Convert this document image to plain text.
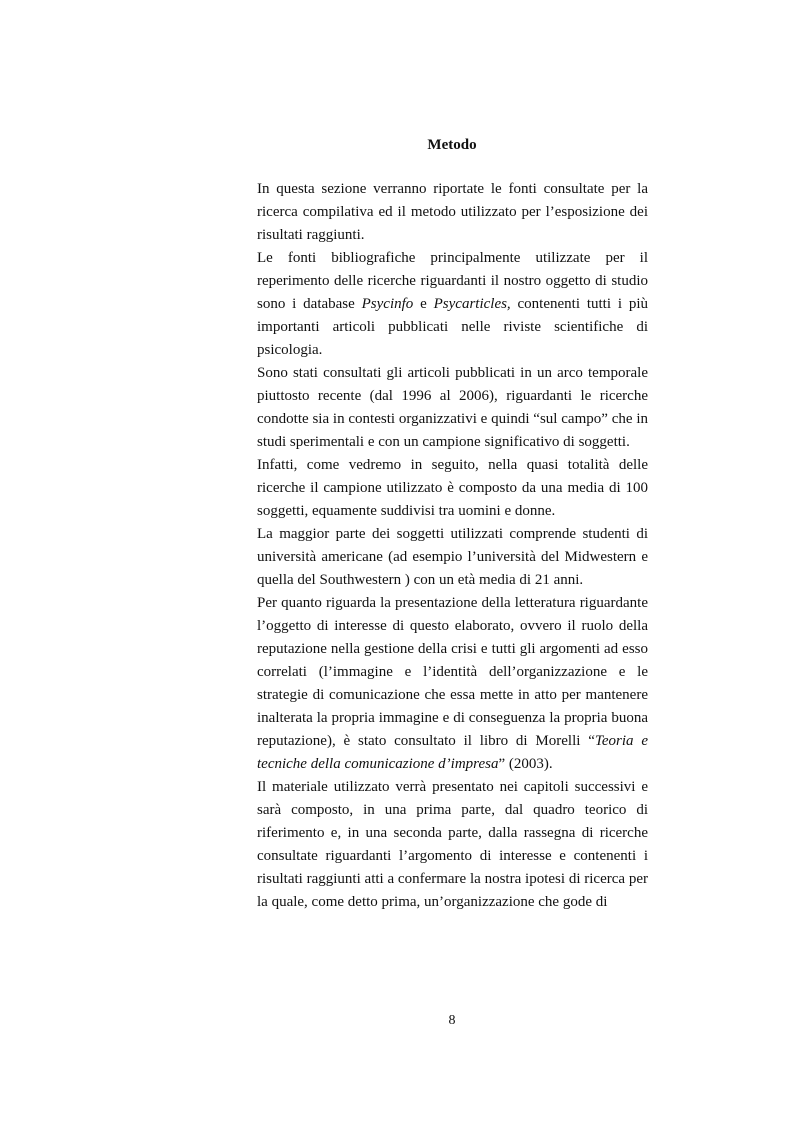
Metodo

In questa sezione verranno riportate le fonti consultate per la ricerca compilativa ed il metodo utilizzato per l’esposizione dei risultati raggiunti.

Le fonti bibliografiche principalmente utilizzate per il reperimento delle ricerche riguardanti il nostro oggetto di studio sono i database Psycinfo e Psycarticles, contenenti tutti i più importanti articoli pubblicati nelle riviste scientifiche di psicologia.

Sono stati consultati gli articoli pubblicati in un arco temporale piuttosto recente (dal 1996 al 2006), riguardanti le ricerche condotte sia in contesti organizzativi e quindi “sul campo” che in studi sperimentali e con un campione significativo di soggetti.

Infatti, come vedremo in seguito, nella quasi totalità delle ricerche il campione utilizzato è composto da una media di 100 soggetti, equamente suddivisi tra uomini e donne.

La maggior parte dei soggetti utilizzati comprende studenti di università americane (ad esempio l’università del Midwestern e quella del Southwestern ) con un età media di 21 anni.

Per quanto riguarda la presentazione della letteratura riguardante l’oggetto di interesse di questo elaborato, ovvero il ruolo della reputazione nella gestione della crisi e tutti gli argomenti ad esso correlati (l’immagine e l’identità dell’organizzazione e le strategie di comunicazione che essa mette in atto per mantenere inalterata la propria immagine e di conseguenza la propria buona reputazione), è stato consultato il libro di Morelli “Teoria e tecniche della comunicazione d’impresa” (2003).

Il materiale utilizzato verrà presentato nei capitoli successivi e sarà composto, in una prima parte, dal quadro teorico di riferimento e, in una seconda parte, dalla rassegna di ricerche consultate riguardanti l’argomento di interesse e contenenti i risultati raggiunti atti a confermare la nostra ipotesi di ricerca per la quale, come detto prima, un’organizzazione che gode di

8
